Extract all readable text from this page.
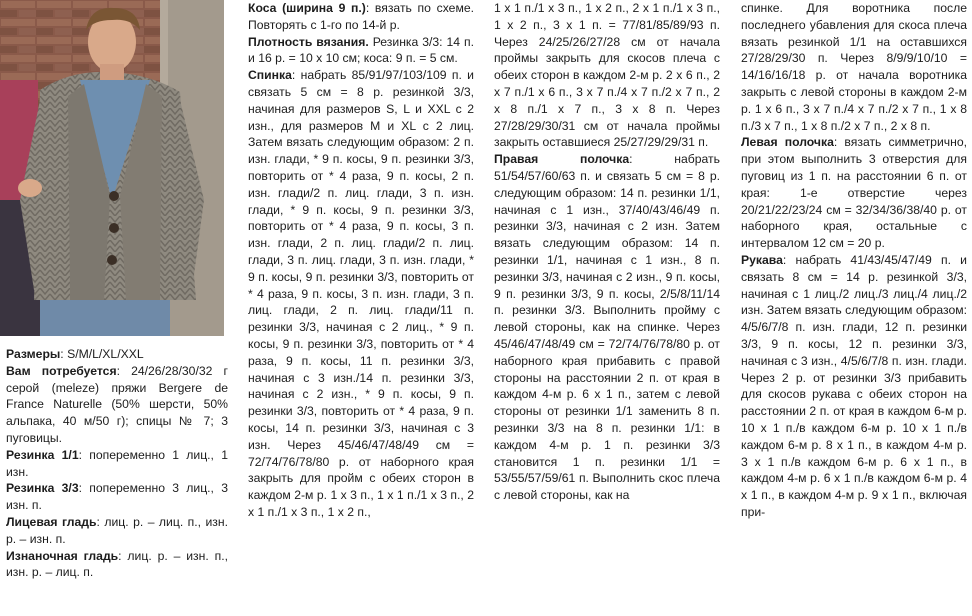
Размеры: S/M/L/XL/XXL

Вам потребуется: 24/26/28/30/32 г серой (meleze) пряжи Bergere de France Naturelle (50% шерсти, 50% альпака, 40 м/50 г); спицы № 7; 3 пуговицы.

Резинка 1/1: попеременно 1 лиц., 1 изн.

Резинка 3/3: попеременно 3 лиц., 3 изн. п.

Лицевая гладь: лиц. р. – лиц. п., изн. р. – изн. п.

Изнаночная гладь: лиц. р. – изн. п., изн. р. – лиц. п.

Коса (ширина 9 п.): вязать по схеме. Повторять с 1-го по 14-й р.

Плотность вязания. Резинка 3/3: 14 п. и 16 р. = 10 х 10 см; коса: 9 п. = 5 см.

Спинка: набрать 85/91/97/103/109 п. и связать 5 см = 8 р. резинкой 3/3, начиная для размеров S, L и XXL с 2 изн., для размеров M и XL с 2 лиц. Затем вязать следующим образом: 2 п. изн. глади, * 9 п. косы, 9 п. резинки 3/3, повторить от * 4 раза, 9 п. косы, 2 п. изн. глади/2 п. лиц. глади, 3 п. изн. глади, * 9 п. косы, 9 п. резинки 3/3, повторить от * 4 раза, 9 п. косы, 3 п. изн. глади, 2 п. лиц. глади/2 п. лиц. глади, 3 п. лиц. глади, 3 п. изн. глади, * 9 п. косы, 9 п. резинки 3/3, повторить от * 4 раза, 9 п. косы, 3 п. изн. глади, 3 п. лиц. глади, 2 п. лиц. глади/11 п. резинки 3/3, начиная с 2 лиц., * 9 п. косы, 9 п. резинки 3/3, повторить от * 4 раза, 9 п. косы, 11 п. резинки 3/3, начиная с 3 изн./14 п. резинки 3/3, начиная с 2 изн., * 9 п. косы, 9 п. резинки 3/3, повторить от * 4 раза, 9 п. косы, 14 п. резинки 3/3, начиная с 3 изн. Через 45/46/47/48/49 см = 72/74/76/78/80 р. от наборного края закрыть для пройм с обеих сторон в каждом 2-м р. 1 х 3 п., 1 х 1 п./1 х 3 п., 2 х 1 п./1 х 3 п., 1 х 2 п.,

1 х 1 п./1 х 3 п., 1 х 2 п., 2 х 1 п./1 х 3 п., 1 х 2 п., 3 х 1 п. = 77/81/85/89/93 п. Через 24/25/26/27/28 см от начала проймы закрыть для скосов плеча с обеих сторон в каждом 2-м р. 2 х 6 п., 2 х 7 п./1 х 6 п., 3 х 7 п./4 х 7 п./2 х 7 п., 2 х 8 п./1 х 7 п., 3 х 8 п. Через 27/28/29/30/31 см от начала проймы закрыть оставшиеся 25/27/29/29/31 п.

Правая полочка: набрать 51/54/57/60/63 п. и связать 5 см = 8 р. следующим образом: 14 п. резинки 1/1, начиная с 1 изн., 37/40/43/46/49 п. резинки 3/3, начиная с 2 изн. Затем вязать следующим образом: 14 п. резинки 1/1, начиная с 1 изн., 8 п. резинки 3/3, начиная с 2 изн., 9 п. косы, 9 п. резинки 3/3, 9 п. косы, 2/5/8/11/14 п. резинки 3/3. Выполнить пройму с левой стороны, как на спинке. Через 45/46/47/48/49 см = 72/74/76/78/80 р. от наборного края прибавить с правой стороны на расстоянии 2 п. от края в каждом 4-м р. 6 х 1 п., затем с левой стороны от резинки 1/1 заменить 8 п. резинки 3/3 на 8 п. резинки 1/1: в каждом 4-м р. 1 п. резинки 3/3 становится 1 п. резинки 1/1 = 53/55/57/59/61 п. Выполнить скос плеча с левой стороны, как на

спинке. Для воротника после последнего убавления для скоса плеча вязать резинкой 1/1 на оставшихся 27/28/29/30 п. Через 8/9/9/10/10 = 14/16/16/18 р. от начала воротника закрыть с левой стороны в каждом 2-м р. 1 х 6 п., 3 х 7 п./4 х 7 п./2 х 7 п., 1 х 8 п./3 х 7 п., 1 х 8 п./2 х 7 п., 2 х 8 п.

Левая полочка: вязать симметрично, при этом выполнить 3 отверстия для пуговиц из 1 п. на расстоянии 6 п. от края: 1-е отверстие через 20/21/22/23/24 см = 32/34/36/38/40 р. от наборного края, остальные с интервалом 12 см = 20 р.

Рукава: набрать 41/43/45/47/49 п. и связать 8 см = 14 р. резинкой 3/3, начиная с 1 лиц./2 лиц./3 лиц./4 лиц./2 изн. Затем вязать следующим образом: 4/5/6/7/8 п. изн. глади, 12 п. резинки 3/3, 9 п. косы, 12 п. резинки 3/3, начиная с 3 изн., 4/5/6/7/8 п. изн. глади. Через 2 р. от резинки 3/3 прибавить для скосов рукава с обеих сторон на расстоянии 2 п. от края в каждом 6-м р. 10 х 1 п./в каждом 6-м р. 10 х 1 п./в каждом 6-м р. 8 х 1 п., в каждом 4-м р. 3 х 1 п./в каждом 6-м р. 6 х 1 п., в каждом 4-м р. 6 х 1 п./в каждом 6-м р. 4 х 1 п., в каждом 4-м р. 9 х 1 п., включая при-
